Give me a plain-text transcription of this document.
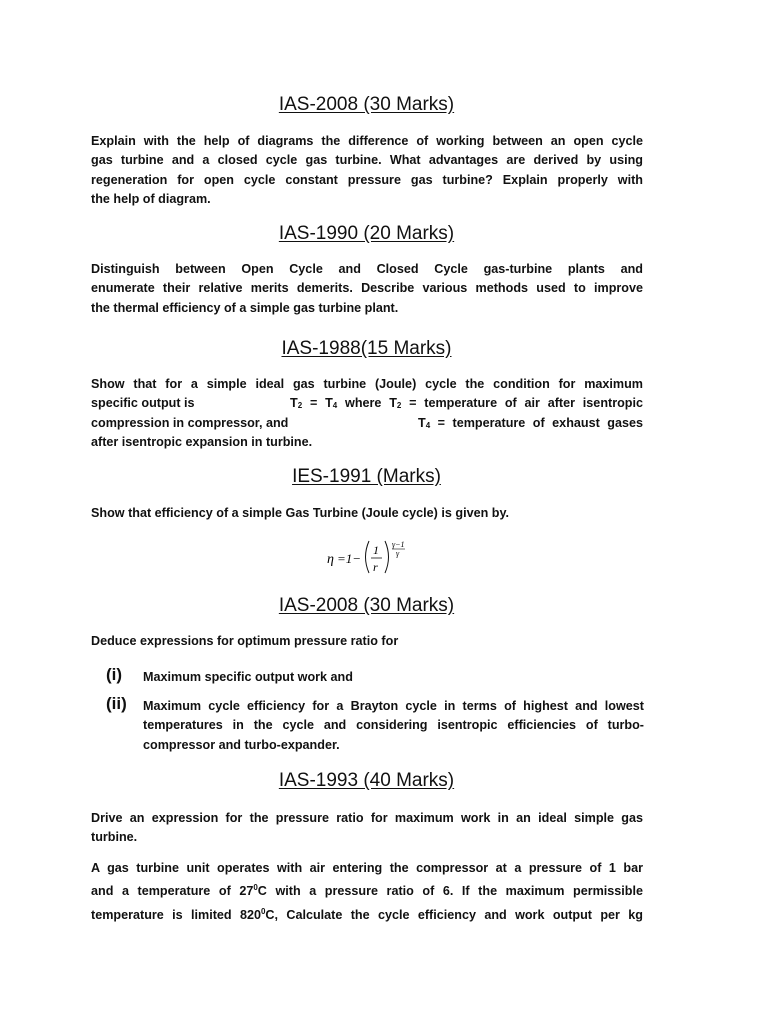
IAS-2008 (30 Marks)
Explain with the help of diagrams the difference of working between an open cycle
gas turbine and a closed cycle gas turbine. What advantages are derived by using
regeneration for open cycle constant pressure gas turbine? Explain properly with
the help of diagram.
IAS-1990 (20 Marks)
Distinguish between Open Cycle and Closed Cycle gas-turbine plants and
enumerate their relative merits demerits. Describe various methods used to improve
the thermal efficiency of a simple gas turbine plant.
IAS-1988(15 Marks)
Show that for a simple ideal gas turbine (Joule) cycle the condition for maximum
specific output is	T2 = T4 where T2 = temperature of air after isentropic
compression in compressor, and	T4 = temperature of exhaust gases
after isentropic expansion in turbine.
IES-1991 (Marks)
Show that efficiency of a simple Gas Turbine (Joule cycle) is given by.
η =1−
1
r
γ−1
γ
IAS-2008 (30 Marks)
Deduce expressions for optimum pressure ratio for
(i) Maximum specific output work and
(ii) Maximum cycle efficiency for a Brayton cycle in terms of highest and lowest
temperatures in the cycle and considering isentropic efficiencies of turbo-
compressor and turbo-expander.
IAS-1993 (40 Marks)
Drive an expression for the pressure ratio for maximum work in an ideal simple gas
turbine.
A gas turbine unit operates with air entering the compressor at a pressure of 1 bar
and a temperature of $27^0C$ with a pressure ratio of 6. If the maximum permissible
temperature is limited $820^0C$, Calculate the cycle efficiency and work output per kg
